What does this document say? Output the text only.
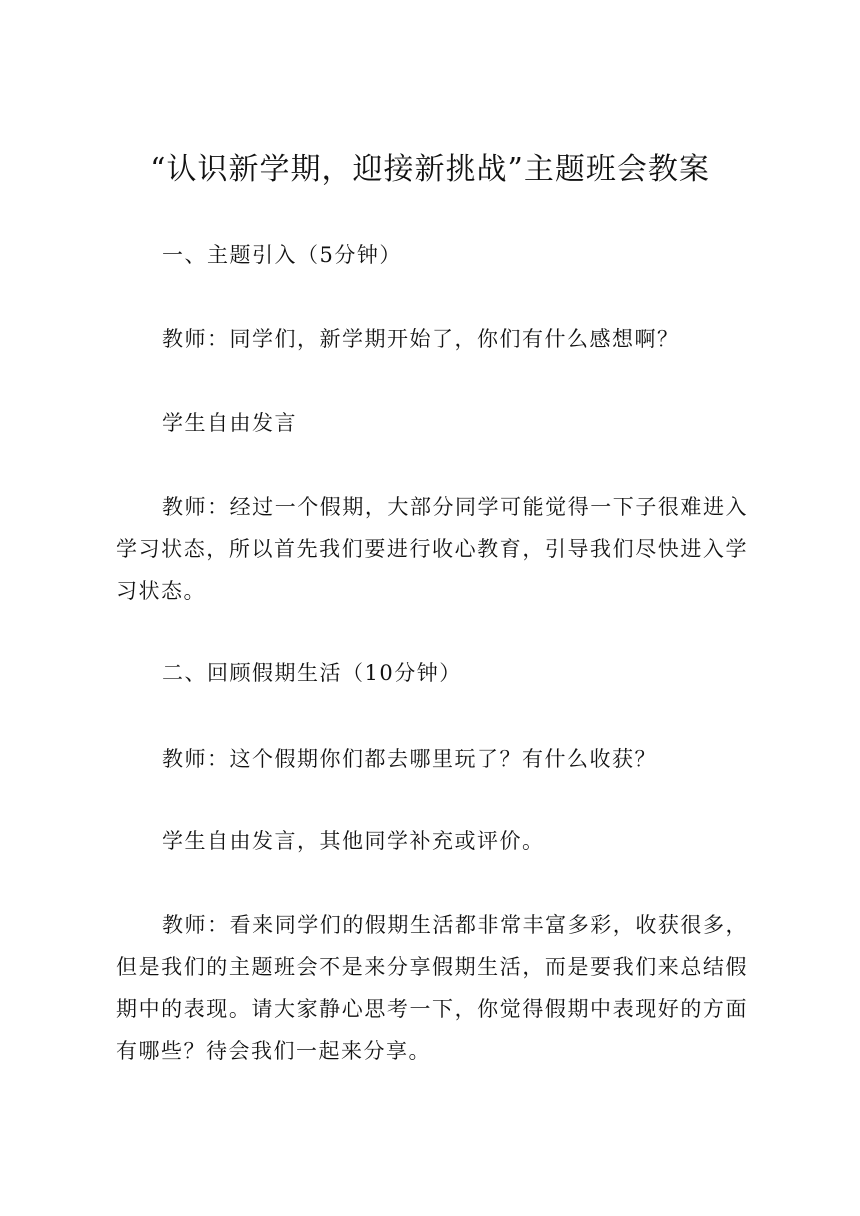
“认识新学期，迎接新挑战”主题班会教案

一、主题引入（5分钟）

教师：同学们，新学期开始了，你们有什么感想啊？

学生自由发言

教师：经过一个假期，大部分同学可能觉得一下子很难进入学习状态，所以首先我们要进行收心教育，引导我们尽快进入学习状态。

二、回顾假期生活（10分钟）

教师：这个假期你们都去哪里玩了？有什么收获？

学生自由发言，其他同学补充或评价。

教师：看来同学们的假期生活都非常丰富多彩，收获很多，但是我们的主题班会不是来分享假期生活，而是要我们来总结假期中的表现。请大家静心思考一下，你觉得假期中表现好的方面有哪些？待会我们一起来分享。
